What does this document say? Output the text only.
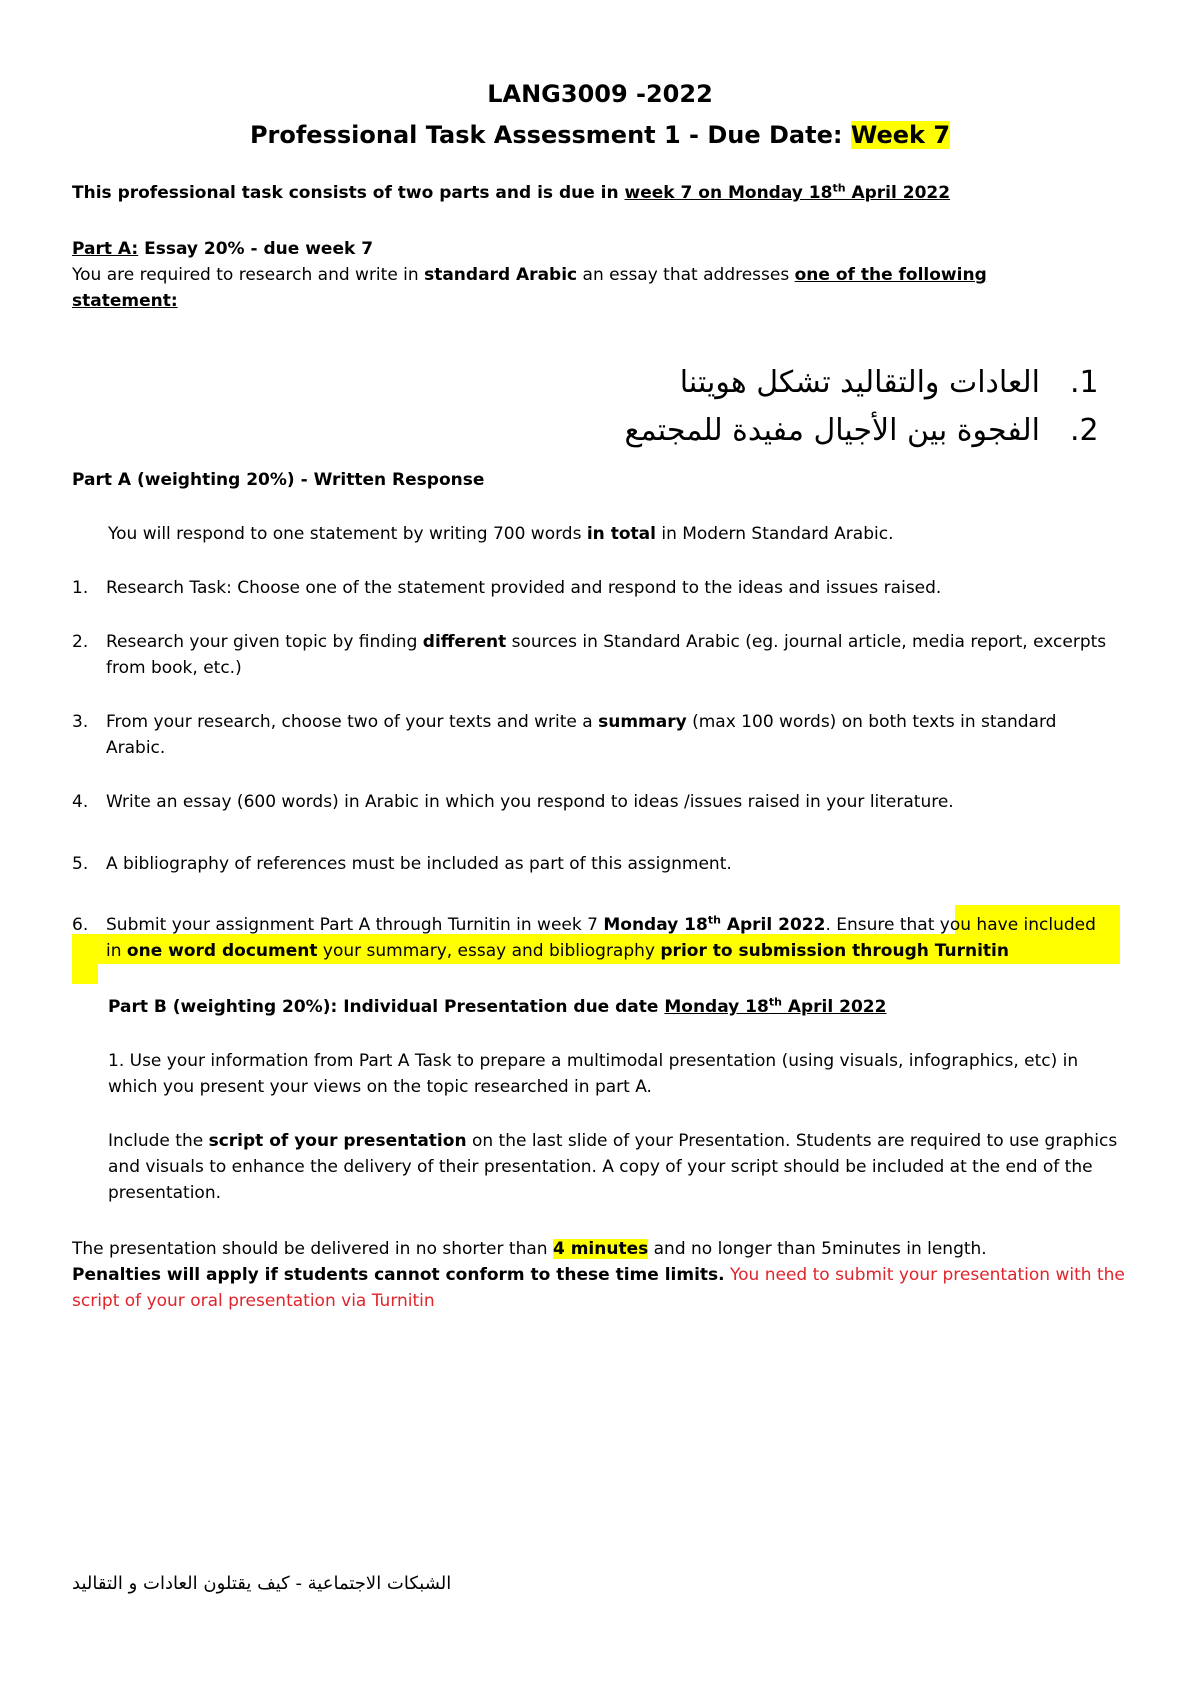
LANG3009 -2022
Professional Task Assessment 1 - Due Date: Week 7
This professional task consists of two parts and is due in week 7 on Monday 18th April 2022
Part A: Essay 20% - due week 7
You are required to research and write in standard Arabic an essay that addresses one of the following statement:
.1
العادات والتقاليد تشكل هويتنا
.2
الفجوة بين الأجيال مفيدة للمجتمع
Part A (weighting 20%) - Written Response
You will respond to one statement by writing 700 words in total in Modern Standard Arabic.
1. Research Task: Choose one of the statement provided and respond to the ideas and issues raised.
2. Research your given topic by finding different sources in Standard Arabic (eg. journal article, media report, excerpts from book, etc.)
3. From your research, choose two of your texts and write a summary (max 100 words) on both texts in standard Arabic.
4. Write an essay (600 words) in Arabic in which you respond to ideas /issues raised in your literature.
5. A bibliography of references must be included as part of this assignment.
6. Submit your assignment Part A through Turnitin in week 7 Monday 18th April 2022. Ensure that you have included in one word document your summary, essay and bibliography prior to submission through Turnitin
Part B (weighting 20%): Individual Presentation due date Monday 18th April 2022
1. Use your information from Part A Task to prepare a multimodal presentation (using visuals, infographics, etc) in which you present your views on the topic researched in part A.
Include the script of your presentation on the last slide of your Presentation. Students are required to use graphics and visuals to enhance the delivery of their presentation. A copy of your script should be included at the end of the presentation.
The presentation should be delivered in no shorter than 4 minutes and no longer than 5minutes in length.
Penalties will apply if students cannot conform to these time limits. You need to submit your presentation with the script of your oral presentation via Turnitin
الشبكات الاجتماعية - كيف يقتلون العادات و التقاليد
